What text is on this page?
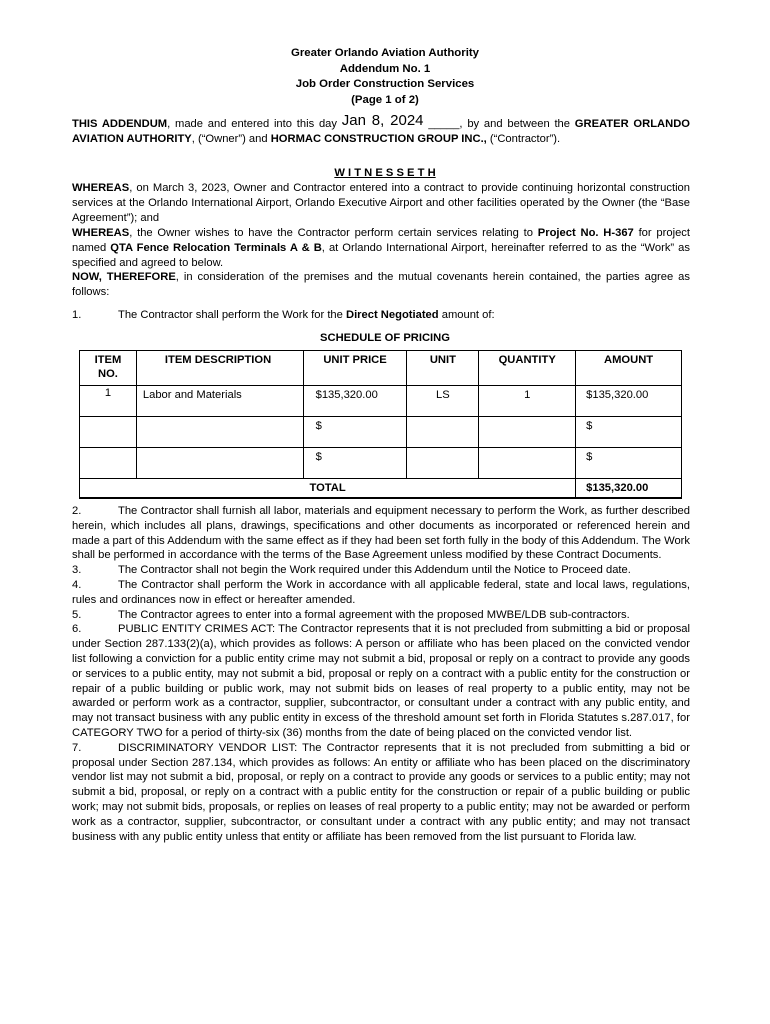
Greater Orlando Aviation Authority
Addendum No. 1
Job Order Construction Services
(Page 1 of 2)
THIS ADDENDUM, made and entered into this day Jan 8, 2024 _____, by and between the GREATER ORLANDO AVIATION AUTHORITY, (“Owner”) and HORMAC CONSTRUCTION GROUP INC., (“Contractor”).
W I T N E S S E T H
WHEREAS, on March 3, 2023, Owner and Contractor entered into a contract to provide continuing horizontal construction services at the Orlando International Airport, Orlando Executive Airport and other facilities operated by the Owner (the “Base Agreement”); and
WHEREAS, the Owner wishes to have the Contractor perform certain services relating to Project No. H-367 for project named QTA Fence Relocation Terminals A & B, at Orlando International Airport, hereinafter referred to as the “Work” as specified and agreed to below.
NOW, THEREFORE, in consideration of the premises and the mutual covenants herein contained, the parties agree as follows:
1.	The Contractor shall perform the Work for the Direct Negotiated amount of:
SCHEDULE OF PRICING
ITEM NO.	ITEM DESCRIPTION	UNIT PRICE	UNIT	QUANTITY	AMOUNT
1	Labor and Materials	$135,320.00	LS	1	$135,320.00
		$			$
		$			$
TOTAL					$135,320.00
2.	The Contractor shall furnish all labor, materials and equipment necessary to perform the Work, as further described herein, which includes all plans, drawings, specifications and other documents as incorporated or referenced herein and made a part of this Addendum with the same effect as if they had been set forth fully in the body of this Addendum. The Work shall be performed in accordance with the terms of the Base Agreement unless modified by these Contract Documents.
3.	The Contractor shall not begin the Work required under this Addendum until the Notice to Proceed date.
4.	The Contractor shall perform the Work in accordance with all applicable federal, state and local laws, regulations, rules and ordinances now in effect or hereafter amended.
5.	The Contractor agrees to enter into a formal agreement with the proposed MWBE/LDB sub-contractors.
6.	PUBLIC ENTITY CRIMES ACT: The Contractor represents that it is not precluded from submitting a bid or proposal under Section 287.133(2)(a), which provides as follows: A person or affiliate who has been placed on the convicted vendor list following a conviction for a public entity crime may not submit a bid, proposal or reply on a contract to provide any goods or services to a public entity, may not submit a bid, proposal or reply on a contract with a public entity for the construction or repair of a public building or public work, may not submit bids on leases of real property to a public entity, may not be awarded or perform work as a contractor, supplier, subcontractor, or consultant under a contract with any public entity, and may not transact business with any public entity in excess of the threshold amount set forth in Florida Statutes s.287.017, for CATEGORY TWO for a period of thirty-six (36) months from the date of being placed on the convicted vendor list.
7.	DISCRIMINATORY VENDOR LIST: The Contractor represents that it is not precluded from submitting a bid or proposal under Section 287.134, which provides as follows: An entity or affiliate who has been placed on the discriminatory vendor list may not submit a bid, proposal, or reply on a contract to provide any goods or services to a public entity; may not submit a bid, proposal, or reply on a contract with a public entity for the construction or repair of a public building or public work; may not submit bids, proposals, or replies on leases of real property to a public entity; may not be awarded or perform work as a contractor, supplier, subcontractor, or consultant under a contract with any public entity; and may not transact business with any public entity unless that entity or affiliate has been removed from the list pursuant to Florida law.
